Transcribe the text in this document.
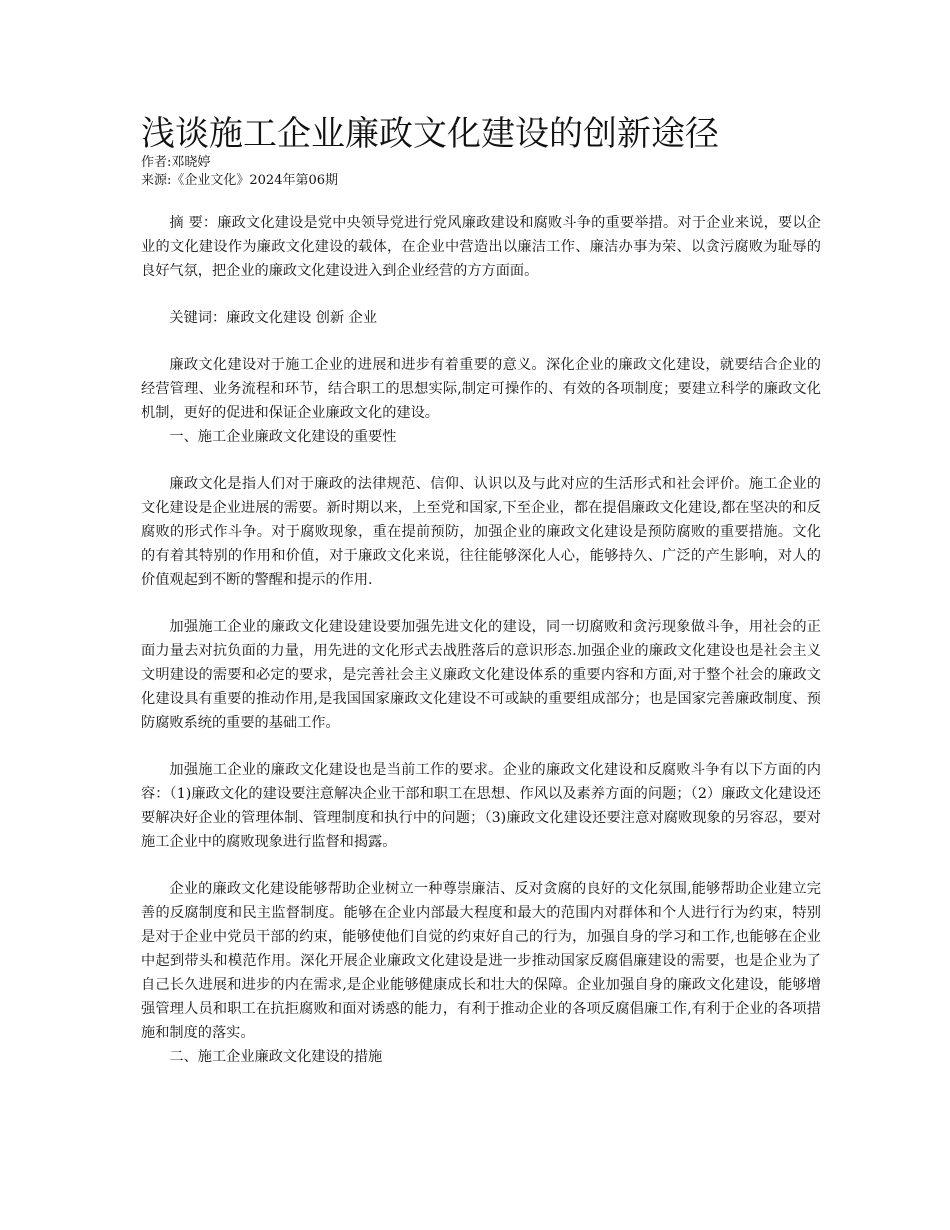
浅谈施工企业廉政文化建设的创新途径

作者:邓晓婷

来源:《企业文化》2024年第06期

摘 要：廉政文化建设是党中央领导党进行党风廉政建设和腐败斗争的重要举措。对于企业来说，要以企业的文化建设作为廉政文化建设的载体，在企业中营造出以廉洁工作、廉洁办事为荣、以贪污腐败为耻辱的良好气氛，把企业的廉政文化建设进入到企业经营的方方面面。

关键词：廉政文化建设 创新 企业

廉政文化建设对于施工企业的进展和进步有着重要的意义。深化企业的廉政文化建设，就要结合企业的经营管理、业务流程和环节，结合职工的思想实际,制定可操作的、有效的各项制度；要建立科学的廉政文化机制，更好的促进和保证企业廉政文化的建设。

一、施工企业廉政文化建设的重要性

廉政文化是指人们对于廉政的法律规范、信仰、认识以及与此对应的生活形式和社会评价。施工企业的文化建设是企业进展的需要。新时期以来，上至党和国家,下至企业，都在提倡廉政文化建设,都在坚决的和反腐败的形式作斗争。对于腐败现象，重在提前预防，加强企业的廉政文化建设是预防腐败的重要措施。文化的有着其特别的作用和价值，对于廉政文化来说，往往能够深化人心，能够持久、广泛的产生影响，对人的价值观起到不断的警醒和提示的作用.

加强施工企业的廉政文化建设建设要加强先进文化的建设，同一切腐败和贪污现象做斗争，用社会的正面力量去对抗负面的力量，用先进的文化形式去战胜落后的意识形态.加强企业的廉政文化建设也是社会主义文明建设的需要和必定的要求，是完善社会主义廉政文化建设体系的重要内容和方面,对于整个社会的廉政文化建设具有重要的推动作用,是我国国家廉政文化建设不可或缺的重要组成部分；也是国家完善廉政制度、预防腐败系统的重要的基础工作。

加强施工企业的廉政文化建设也是当前工作的要求。企业的廉政文化建设和反腐败斗争有以下方面的内容：（1)廉政文化的建设要注意解决企业干部和职工在思想、作风以及素养方面的问题；（2）廉政文化建设还要解决好企业的管理体制、管理制度和执行中的问题；（3)廉政文化建设还要注意对腐败现象的另容忍，要对施工企业中的腐败现象进行监督和揭露。

企业的廉政文化建设能够帮助企业树立一种尊崇廉洁、反对贪腐的良好的文化氛围,能够帮助企业建立完善的反腐制度和民主监督制度。能够在企业内部最大程度和最大的范围内对群体和个人进行行为约束，特别是对于企业中党员干部的约束，能够使他们自觉的约束好自己的行为，加强自身的学习和工作,也能够在企业中起到带头和模范作用。深化开展企业廉政文化建设是进一步推动国家反腐倡廉建设的需要，也是企业为了自己长久进展和进步的内在需求,是企业能够健康成长和壮大的保障。企业加强自身的廉政文化建设，能够增强管理人员和职工在抗拒腐败和面对诱惑的能力，有利于推动企业的各项反腐倡廉工作,有利于企业的各项措施和制度的落实。

二、施工企业廉政文化建设的措施
